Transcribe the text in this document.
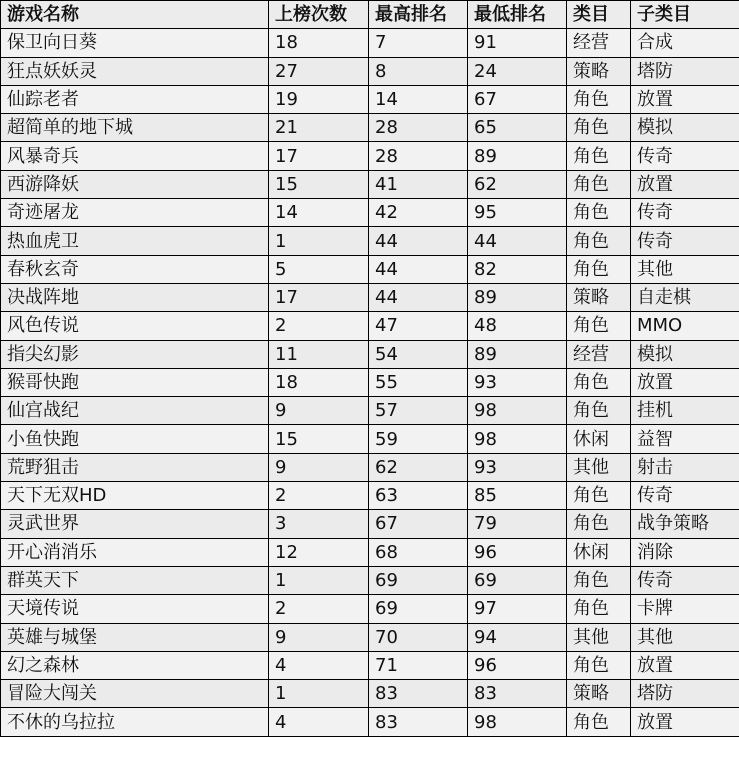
游戏名称	上榜次数	最高排名	最低排名	类目	子类目
保卫向日葵	18	7	91	经营	合成
狂点妖妖灵	27	8	24	策略	塔防
仙踪老者	19	14	67	角色	放置
超简单的地下城	21	28	65	角色	模拟
风暴奇兵	17	28	89	角色	传奇
西游降妖	15	41	62	角色	放置
奇迹屠龙	14	42	95	角色	传奇
热血虎卫	1	44	44	角色	传奇
春秋玄奇	5	44	82	角色	其他
决战阵地	17	44	89	策略	自走棋
风色传说	2	47	48	角色	MMO
指尖幻影	11	54	89	经营	模拟
猴哥快跑	18	55	93	角色	放置
仙宫战纪	9	57	98	角色	挂机
小鱼快跑	15	59	98	休闲	益智
荒野狙击	9	62	93	其他	射击
天下无双HD	2	63	85	角色	传奇
灵武世界	3	67	79	角色	战争策略
开心消消乐	12	68	96	休闲	消除
群英天下	1	69	69	角色	传奇
天境传说	2	69	97	角色	卡牌
英雄与城堡	9	70	94	其他	其他
幻之森林	4	71	96	角色	放置
冒险大闯关	1	83	83	策略	塔防
不休的乌拉拉	4	83	98	角色	放置
